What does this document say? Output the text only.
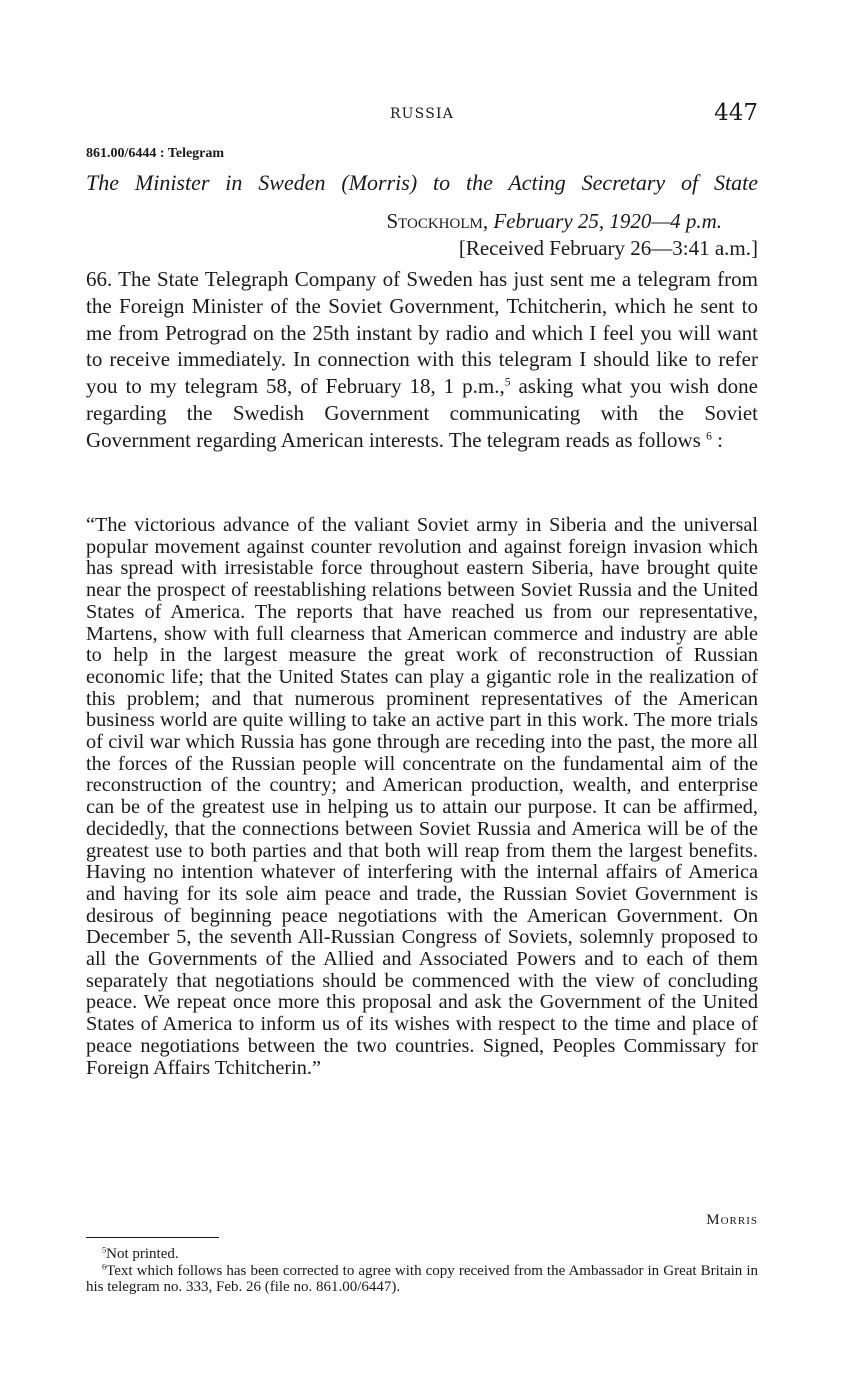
RUSSIA	447
861.00/6444 : Telegram
The Minister in Sweden (Morris) to the Acting Secretary of State
Stockholm, February 25, 1920—4 p.m.
[Received February 26—3:41 a.m.]
66. The State Telegraph Company of Sweden has just sent me a telegram from the Foreign Minister of the Soviet Government, Tchitcherin, which he sent to me from Petrograd on the 25th instant by radio and which I feel you will want to receive immediately. In connection with this telegram I should like to refer you to my telegram 58, of February 18, 1 p.m.,$^5$ asking what you wish done regarding the Swedish Government communicating with the Soviet Government regarding American interests. The telegram reads as follows $^6$ :
“The victorious advance of the valiant Soviet army in Siberia and the universal popular movement against counter revolution and against foreign invasion which has spread with irresistable force throughout eastern Siberia, have brought quite near the prospect of reestablishing relations between Soviet Russia and the United States of America. The reports that have reached us from our representative, Martens, show with full clearness that American commerce and industry are able to help in the largest measure the great work of reconstruction of Russian economic life; that the United States can play a gigantic role in the realization of this problem; and that numerous prominent representatives of the American business world are quite willing to take an active part in this work. The more trials of civil war which Russia has gone through are receding into the past, the more all the forces of the Russian people will concentrate on the fundamental aim of the reconstruction of the country; and American production, wealth, and enterprise can be of the greatest use in helping us to attain our purpose. It can be affirmed, decidedly, that the connections between Soviet Russia and America will be of the greatest use to both parties and that both will reap from them the largest benefits. Having no intention whatever of interfering with the internal affairs of America and having for its sole aim peace and trade, the Russian Soviet Government is desirous of beginning peace negotiations with the American Government. On December 5, the seventh All-Russian Congress of Soviets, solemnly proposed to all the Governments of the Allied and Associated Powers and to each of them separately that negotiations should be commenced with the view of concluding peace. We repeat once more this proposal and ask the Government of the United States of America to inform us of its wishes with respect to the time and place of peace negotiations between the two countries. Signed, Peoples Commissary for Foreign Affairs Tchitcherin.”
Morris

$^5$Not printed.

$^6$Text which follows has been corrected to agree with copy received from the Ambassador in Great Britain in his telegram no. 333, Feb. 26 (file no. 861.00/6447).
